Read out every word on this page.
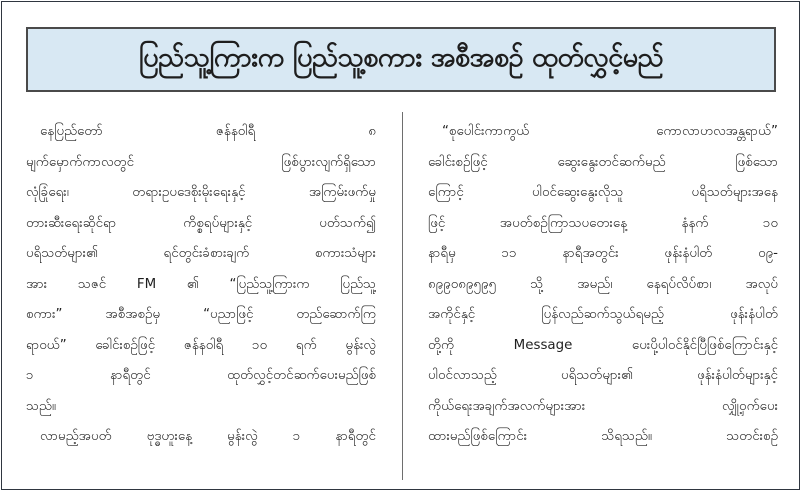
ပြည်သူ့ကြားက ပြည်သူ့စကား အစီအစဉ် ထုတ်လွှင့်မည်
နေပြည်တော် ဇန်နဝါရီ ၈
မျက်မှောက်ကာလတွင် ဖြစ်ပွားလျက်ရှိသော
လုံခြုံရေး၊ တရားဥပဒေစိုးမိုးရေးနှင့် အကြမ်းဖက်မှု
တားဆီးရေးဆိုင်ရာ ကိစ္စရပ်များနှင့် ပတ်သက်၍
ပရိသတ်များ၏ ရင်တွင်းခံစားချက် စကားသံများ
အား သဇင် FM ၏ “ပြည်သူ့ကြားက ပြည်သူ့
စကား” အစီအစဉ်မှ “ပညာဖြင့် တည်ဆောက်ကြ
ရာဝယ်” ခေါင်းစဉ်ဖြင့် ဇန်နဝါရီ ၁၀ ရက် မွန်းလွဲ
၁ နာရီတွင် ထုတ်လွှင့်တင်ဆက်ပေးမည်ဖြစ်
သည်။
လာမည့်အပတ် ဗုဒ္ဓဟူးနေ့ မွန်းလွဲ ၁ နာရီတွင်
“စုပေါင်းကာကွယ် ကောလာဟလအန္တရာယ်”
ခေါင်းစဉ်ဖြင့် ဆွေးနွေးတင်ဆက်မည် ဖြစ်သော
ကြောင့် ပါဝင်ဆွေးနွေးလိုသူ ပရိသတ်များအနေ
ဖြင့် အပတ်စဉ်ကြာသပတေးနေ့ နံနက် ၁၀
နာရီမှ ၁၁ နာရီအတွင်း ဖုန်းနံပါတ် ၀၉-
၈၉၉၀၈၉၅၉၅ သို့ အမည်၊ နေရပ်လိပ်စာ၊ အလုပ်
အကိုင်နှင့် ပြန်လည်ဆက်သွယ်ရမည့် ဖုန်းနံပါတ်
တို့ကို Message ပေးပို့ပါဝင်နိုင်ပြီဖြစ်ကြောင်းနှင့်
ပါဝင်လာသည့် ပရိသတ်များ၏ ဖုန်းနံပါတ်များနှင့်
ကိုယ်ရေးအချက်အလက်များအား လျှို့ဝှက်ပေး
ထားမည်ဖြစ်ကြောင်း သိရသည်။ သတင်းစဉ်
